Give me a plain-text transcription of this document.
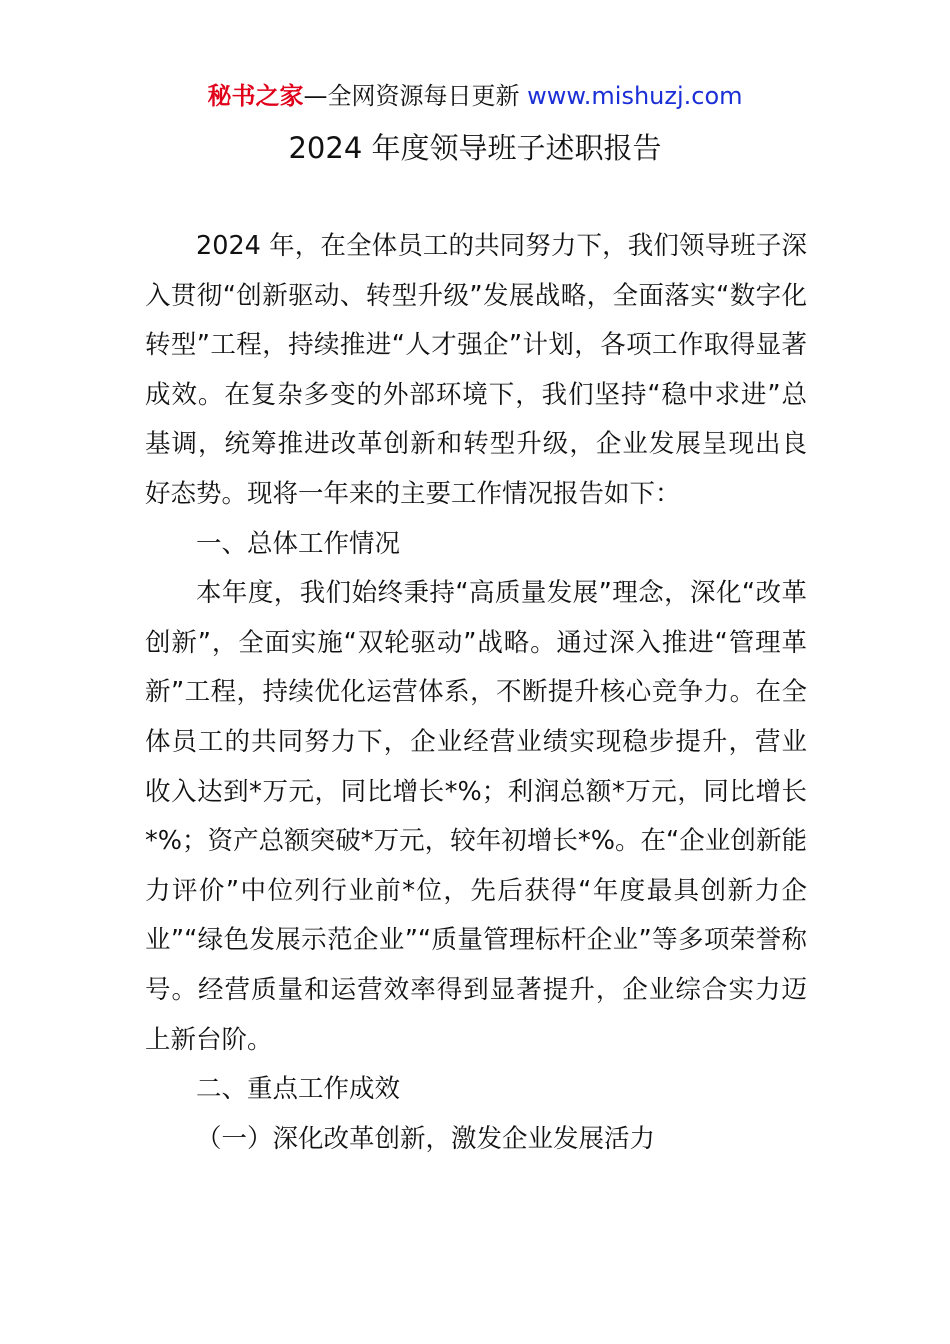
秘书之家—全网资源每日更新 www.mishuzj.com
2024 年度领导班子述职报告

2024 年，在全体员工的共同努力下，我们领导班子深入贯彻“创新驱动、转型升级”发展战略，全面落实“数字化转型”工程，持续推进“人才强企”计划，各项工作取得显著成效。在复杂多变的外部环境下，我们坚持“稳中求进”总基调，统筹推进改革创新和转型升级，企业发展呈现出良好态势。现将一年来的主要工作情况报告如下：

一、总体工作情况

本年度，我们始终秉持“高质量发展”理念，深化“改革创新”，全面实施“双轮驱动”战略。通过深入推进“管理革新”工程，持续优化运营体系，不断提升核心竞争力。在全体员工的共同努力下，企业经营业绩实现稳步提升，营业收入达到*万元，同比增长*%；利润总额*万元，同比增长*%；资产总额突破*万元，较年初增长*%。在“企业创新能力评价”中位列行业前*位，先后获得“年度最具创新力企业”“绿色发展示范企业”“质量管理标杆企业”等多项荣誉称号。经营质量和运营效率得到显著提升，企业综合实力迈上新台阶。

二、重点工作成效

（一）深化改革创新，激发企业发展活力
